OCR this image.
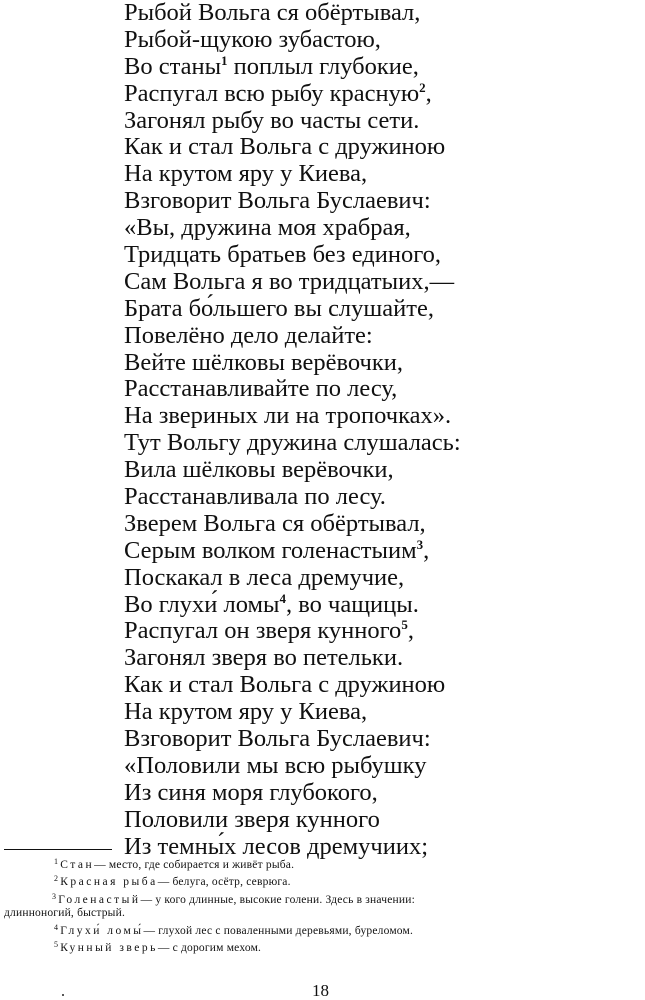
Рыбой Вольга ся обёртывал,
Рыбой-щукою зубастою,
Во станы$^1$ поплыл глубокие,
Распугал всю рыбу красную$^2$,
Загонял рыбу во часты сети.
Как и стал Вольга с дружиною
На крутом яру у Киева,
Взговорит Вольга Буслаевич:
«Вы, дружина моя храбрая,
Тридцать братьев без единого,
Сам Вольга я во тридцатыих,—
Брата бо́льшего вы слушайте,
Повелёно дело делайте:
Вейте шёлковы верёвочки,
Расстанавливайте по лесу,
На звериных ли на тропочках».
Тут Вольгу дружина слушалась:
Вила шёлковы верёвочки,
Расстанавливала по лесу.
Зверем Вольга ся обёртывал,
Серым волком голенастыим$^3$,
Поскакал в леса дремучие,
Во глухи́ ломы$^4$, во чащицы.
Распугал он зверя кунного$^5$,
Загонял зверя во петельки.
Как и стал Вольга с дружиною
На крутом яру у Киева,
Взговорит Вольга Буслаевич:
«Половили мы всю рыбушку
Из синя моря глубокого,
Половили зверя кунного
Из темны́х лесов дремучиих;
$^1$ Стан— место, где собирается и живёт рыба.
$^2$ Красная рыба— белуга, осётр, севрюга.
$^3$ Голенастый— у кого длинные, высокие голени. Здесь в значении:
длинноногий, быстрый.
$^4$ Глухи́ ломы́— глухой лес с поваленными деревьями, буреломом.
$^5$ Кунный зверь— с дорогим мехом.
18
